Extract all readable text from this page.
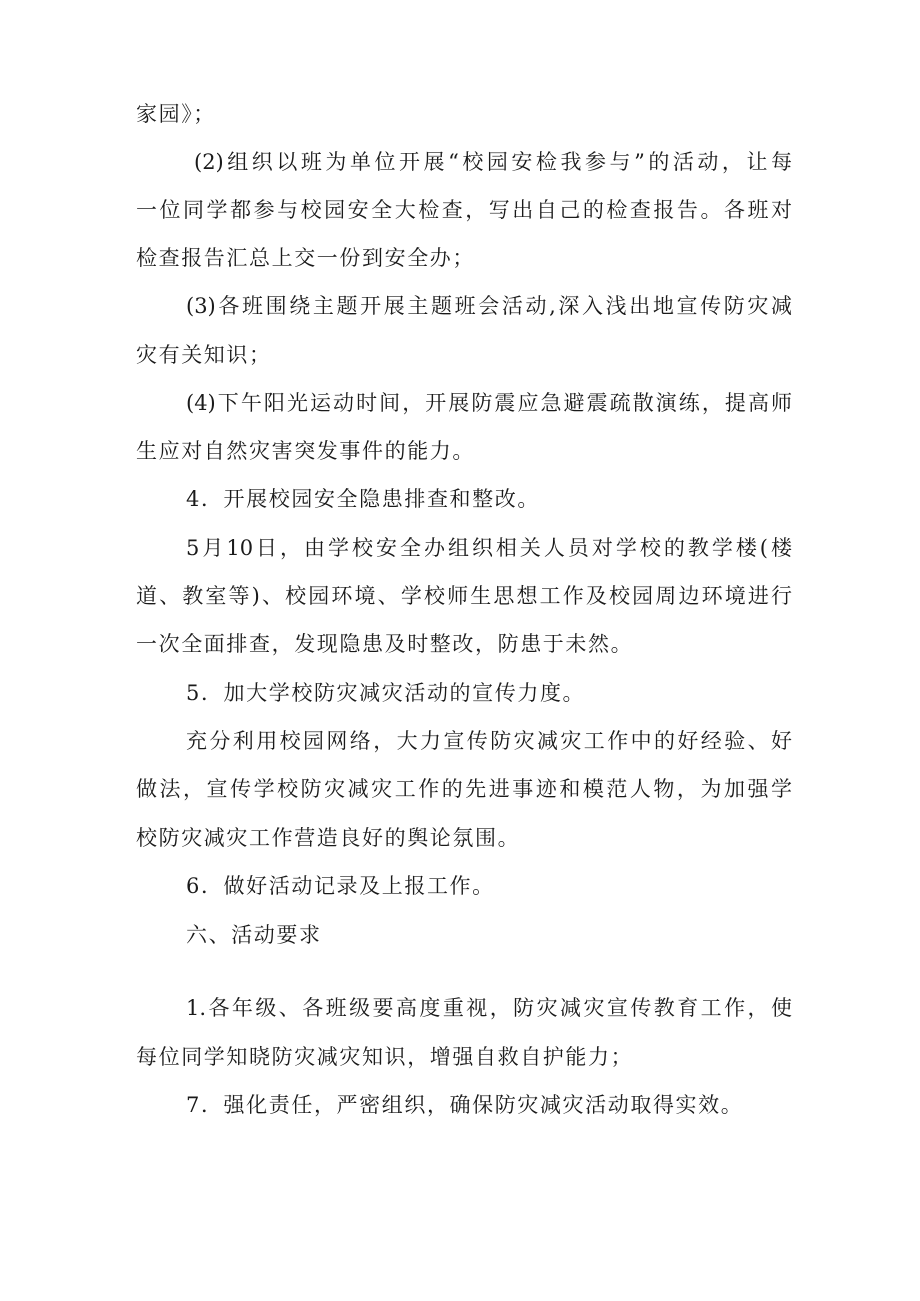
家园》；
(2)组织以班为单位开展“校园安检我参与”的活动，让每
一位同学都参与校园安全大检查，写出自己的检查报告。各班对
检查报告汇总上交一份到安全办；
(3)各班围绕主题开展主题班会活动,深入浅出地宣传防灾减
灾有关知识；
(4)下午阳光运动时间，开展防震应急避震疏散演练，提高师
生应对自然灾害突发事件的能力。
4．开展校园安全隐患排查和整改。
5月10日，由学校安全办组织相关人员对学校的教学楼(楼
道、教室等)、校园环境、学校师生思想工作及校园周边环境进行
一次全面排查，发现隐患及时整改，防患于未然。
5．加大学校防灾减灾活动的宣传力度。
充分利用校园网络，大力宣传防灾减灾工作中的好经验、好
做法，宣传学校防灾减灾工作的先进事迹和模范人物，为加强学
校防灾减灾工作营造良好的舆论氛围。
6．做好活动记录及上报工作。
六、活动要求
1.各年级、各班级要高度重视，防灾减灾宣传教育工作，使
每位同学知晓防灾减灾知识，增强自救自护能力；
7．强化责任，严密组织，确保防灾减灾活动取得实效。
